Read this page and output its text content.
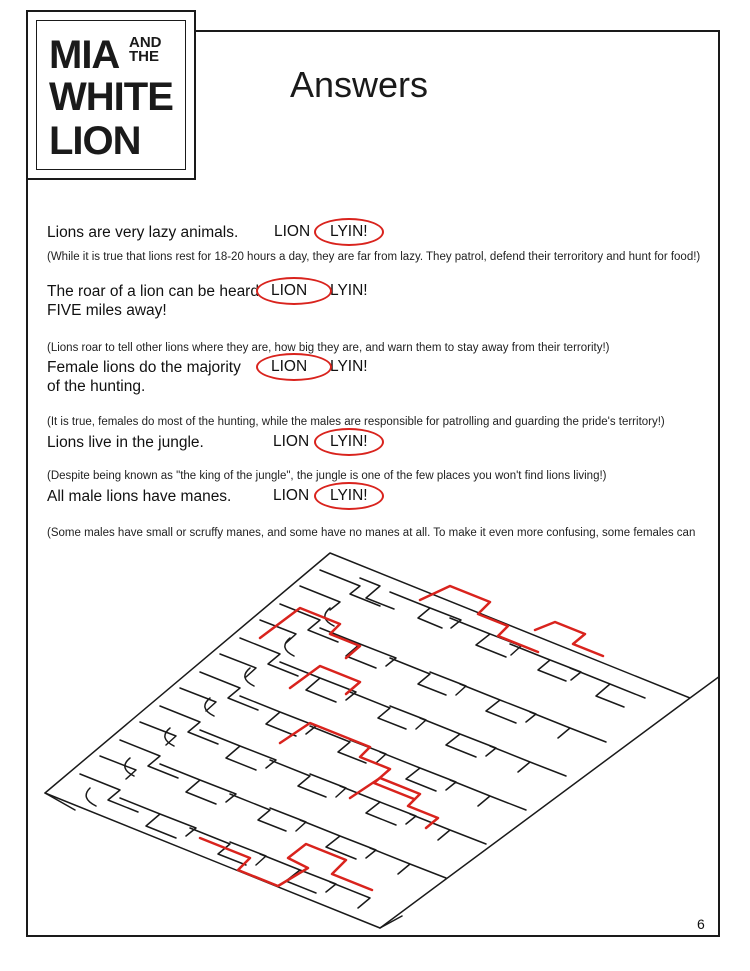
MIA AND
THE
WHITE
LION
Answers
Lions are very lazy animals. LION LYIN!
(While it is true that lions rest for 18-20 hours a day, they are far from lazy. They patrol, defend their terroritory and hunt for food!)
The roar of a lion can be heard
FIVE miles away!
LION LYIN!
(Lions roar to tell other lions where they are, how big they are, and warn them to stay away from their terrority!)
Female lions do the majority
of the hunting.
LION LYIN!
(It is true, females do most of the hunting, while the males are responsible for patrolling and guarding the pride's territory!)
Lions live in the jungle.	LION LYIN!
(Despite being known as "the king of the jungle", the jungle is one of the few places you won't find lions living!)
All male lions have manes.	LION LYIN!
(Some males have small or scruffy manes, and some have no manes at all. To make it even more confusing, some females can
6
